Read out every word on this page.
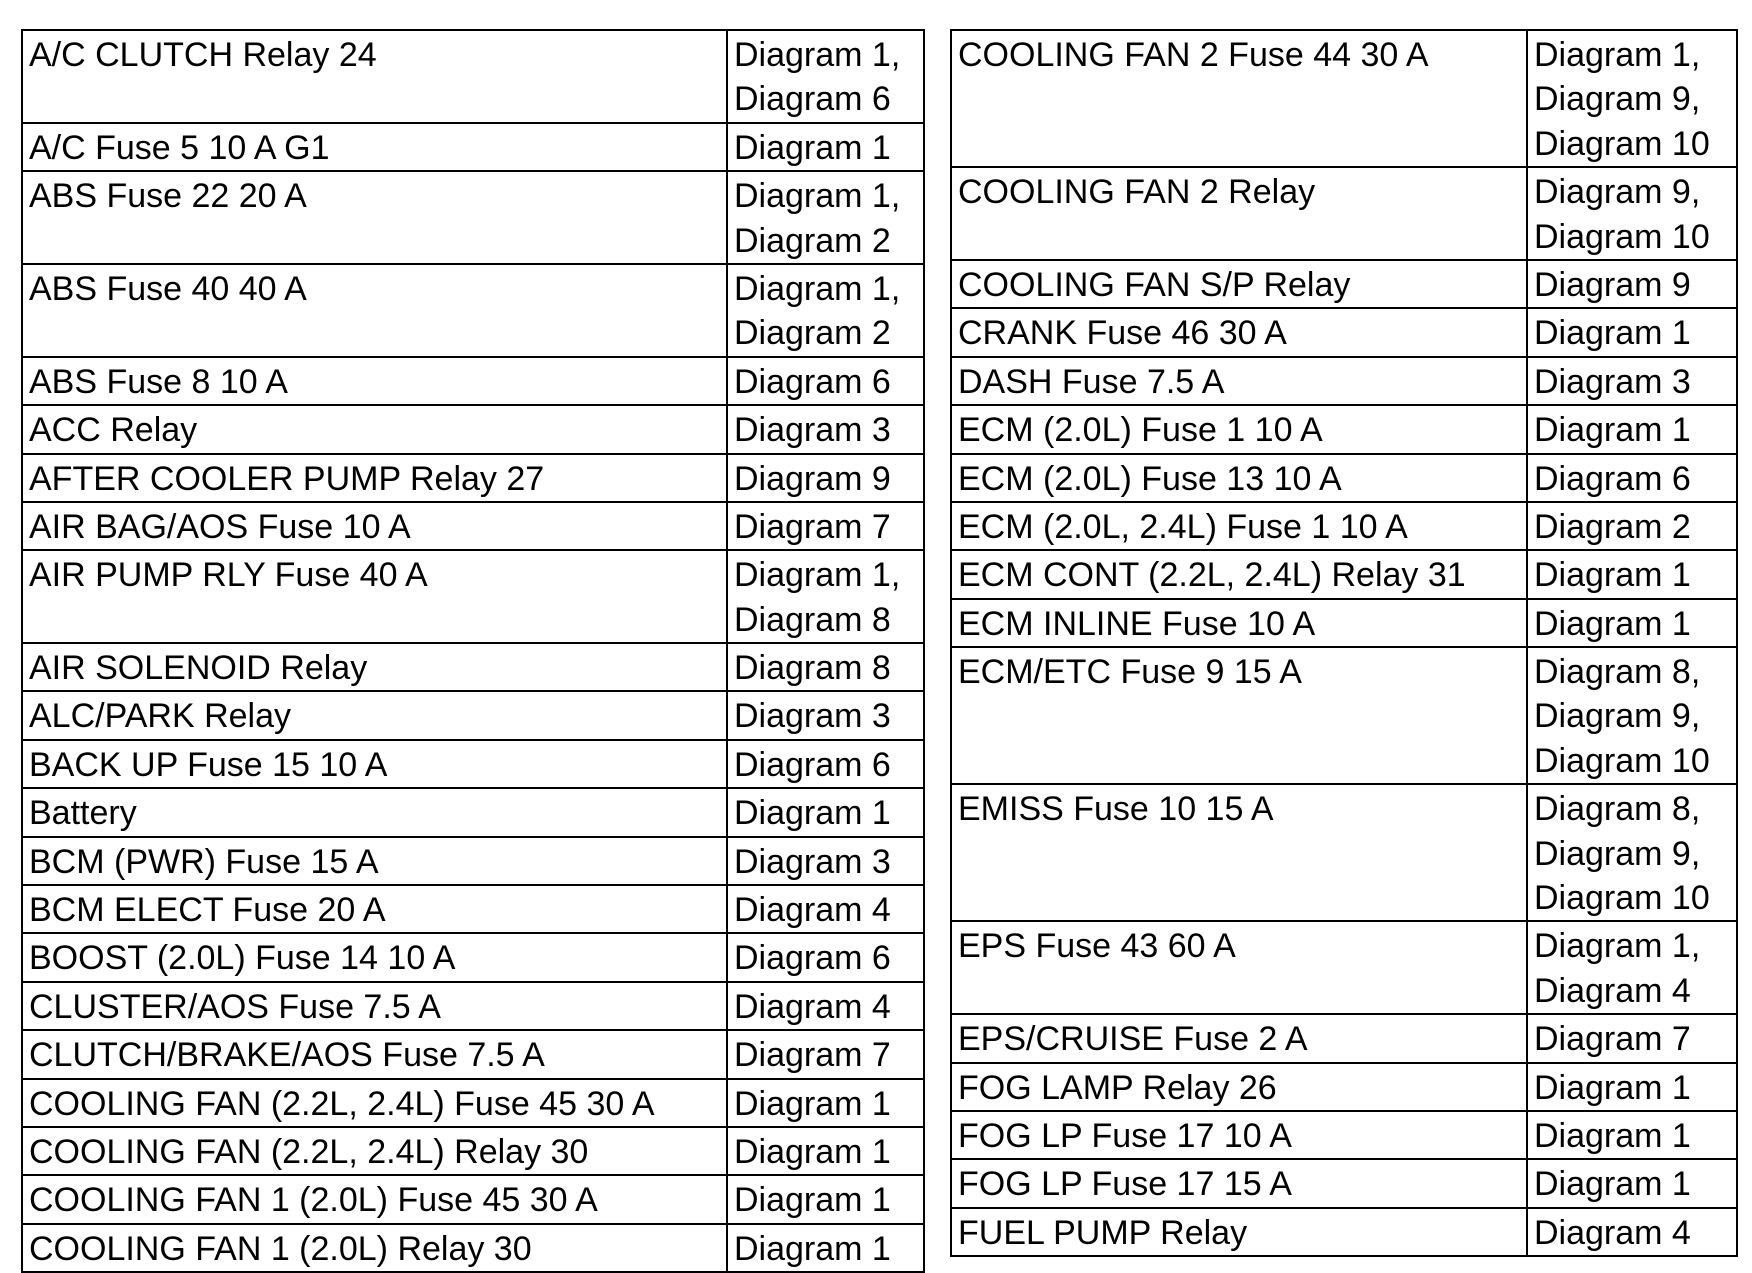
A/C CLUTCH Relay 24	Diagram 1,
Diagram 6

A/C Fuse 5 10 A G1	Diagram 1

ABS Fuse 22 20 A	Diagram 1,
Diagram 2

ABS Fuse 40 40 A	Diagram 1,
Diagram 2

ABS Fuse 8 10 A	Diagram 6

ACC Relay	Diagram 3

AFTER COOLER PUMP Relay 27	Diagram 9

AIR BAG/AOS Fuse 10 A	Diagram 7

AIR PUMP RLY Fuse 40 A	Diagram 1,
Diagram 8

AIR SOLENOID Relay	Diagram 8

ALC/PARK Relay	Diagram 3

BACK UP Fuse 15 10 A	Diagram 6

Battery	Diagram 1

BCM (PWR) Fuse 15 A	Diagram 3

BCM ELECT Fuse 20 A	Diagram 4

BOOST (2.0L) Fuse 14 10 A	Diagram 6

CLUSTER/AOS Fuse 7.5 A	Diagram 4

CLUTCH/BRAKE/AOS Fuse 7.5 A	Diagram 7

COOLING FAN (2.2L, 2.4L) Fuse 45 30 A	Diagram 1

COOLING FAN (2.2L, 2.4L) Relay 30	Diagram 1

COOLING FAN 1 (2.0L) Fuse 45 30 A	Diagram 1

COOLING FAN 1 (2.0L) Relay 30	Diagram 1
COOLING FAN 2 Fuse 44 30 A	Diagram 1,
Diagram 9,
Diagram 10

COOLING FAN 2 Relay	Diagram 9,
Diagram 10

COOLING FAN S/P Relay	Diagram 9

CRANK Fuse 46 30 A	Diagram 1

DASH Fuse 7.5 A	Diagram 3

ECM (2.0L) Fuse 1 10 A	Diagram 1

ECM (2.0L) Fuse 13 10 A	Diagram 6

ECM (2.0L, 2.4L) Fuse 1 10 A	Diagram 2

ECM CONT (2.2L, 2.4L) Relay 31	Diagram 1

ECM INLINE Fuse 10 A	Diagram 1

ECM/ETC Fuse 9 15 A	Diagram 8,
Diagram 9,
Diagram 10

EMISS Fuse 10 15 A	Diagram 8,
Diagram 9,
Diagram 10

EPS Fuse 43 60 A	Diagram 1,
Diagram 4

EPS/CRUISE Fuse 2 A	Diagram 7

FOG LAMP Relay 26	Diagram 1

FOG LP Fuse 17 10 A	Diagram 1

FOG LP Fuse 17 15 A	Diagram 1

FUEL PUMP Relay	Diagram 4
